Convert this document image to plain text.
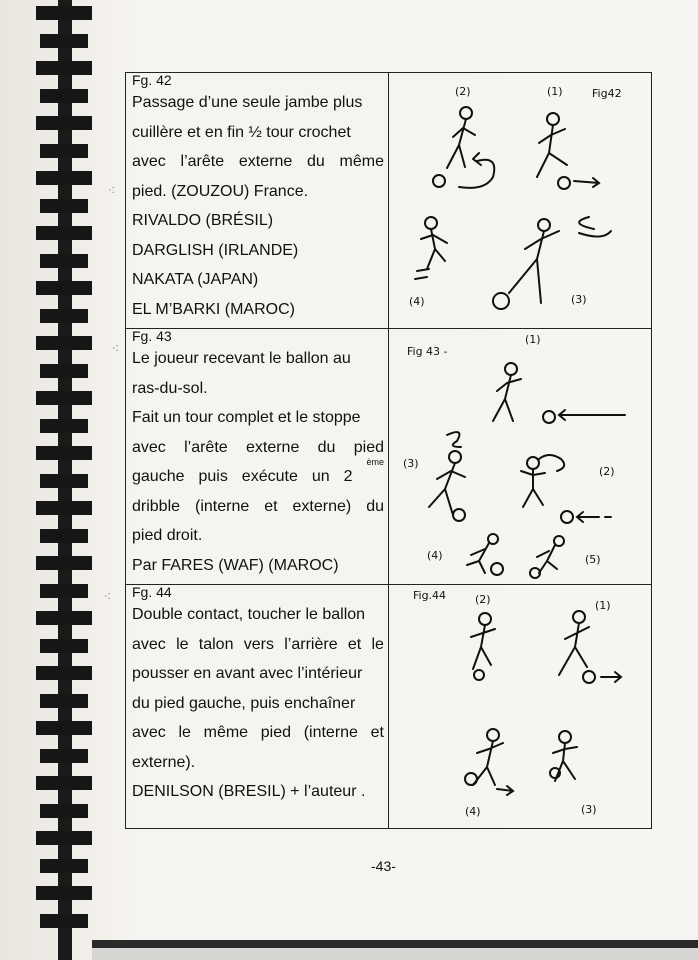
·:
·:
·:
Fg. 42
Passage d’une seule jambe plus
cuillère et en fin ½ tour crochet
avec l’arête externe du même
pied. (ZOUZOU) France.
RIVALDO (BRÉSIL)
DARGLISH (IRLANDE)
NAKATA (JAPAN)
EL M’BARKI (MAROC)
(2)	(1)	Fig42
(4)	(3)
Fg. 43
Le joueur recevant le ballon au
ras-du-sol.
Fait un tour complet et le stoppe
avec l’arête externe du pied
gauche puis exécute un 2
ème
dribble (interne et externe) du
pied droit.
Par FARES (WAF) (MAROC)
Fig 43 -
(1)
(3)
(2)
(4)	(5)
Fg. 44
Double contact, toucher le ballon
avec le talon vers l’arrière et le
pousser en avant avec l’intérieur
du pied gauche, puis enchaîner
avec le même pied (interne et
externe).
DENILSON (BRESIL) + l’auteur .
Fig.44	(2)	(1)
(4)	(3)
-43-
